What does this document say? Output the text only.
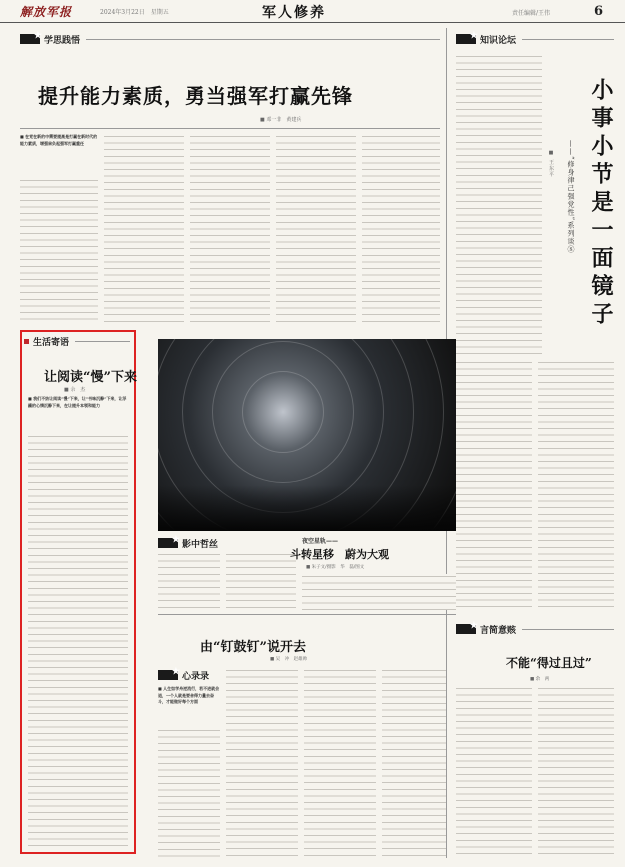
解放军报	2024年3月22日　星期五	军人修养	责任编辑/王伟	6
★
学思践悟
提升能力素质，勇当强军打赢先锋
■ 邓一非　黄建兵
■ 在党在新的中需要提高是打赢在新时代的能力素质，增强肩负起强军打赢重任
★
知识论坛
小事小节是一面镜子
——“修身律己强党性”系列谈⑧
■ 王东平
生活寄语
让阅读“慢”下来
■ 余　杰
■ 我们不妨让阅读“慢”下来，让“书味沉静”下来，让浮躁的心情沉静下来，在让提升本领和能力
★
影中哲丝	夜空星轨——
斗转星移　蔚为大观
■ 朱子文/摄影　华　磊/图文
由“钉鼓钉”说开去
■ 吴　冲　赵雄帅
★
心录录
■ 人生如学舟逆流行，若不进就会退，一个人就是要舍得力量去奋斗，才能做好每个方面
★
言简意赅
不能“得过且过”
■ 余　两
